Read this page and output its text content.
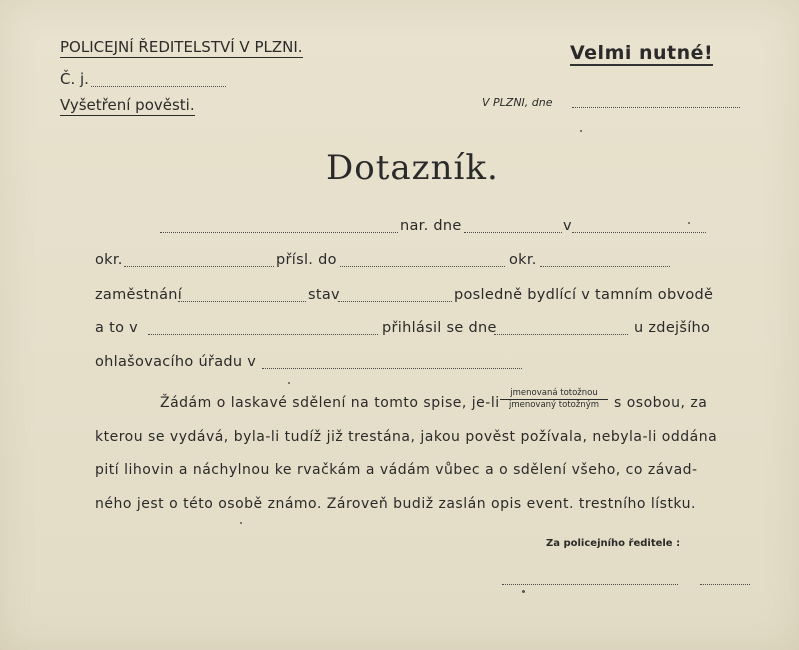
POLICEJNÍ ŘEDITELSTVÍ V PLZNI.
Č. j.
Vyšetření pověsti.
Velmi nutné!
V PLZNI, dne
Dotazník.
nar. dne	v
okr.	přísl. do	okr.
zaměstnání	stav	posledně bydlící v tamním obvodě
a to v	přihlásil se dne	u zdejšího
ohlašovacího úřadu v
Žádám o laskavé sdělení na tomto spise, je-li
jmenovaná totožnou
jmenovaný totožným	s osobou, za
kterou se vydává, byla-li tudíž již trestána, jakou pověst požívala, nebyla-li oddána
pití lihovin a náchylnou ke rvačkám a vádám vůbec a o sdělení všeho, co závad-
ného jest o této osobě známo. Zároveň budiž zaslán opis event. trestního lístku.
Za policejního ředitele :
